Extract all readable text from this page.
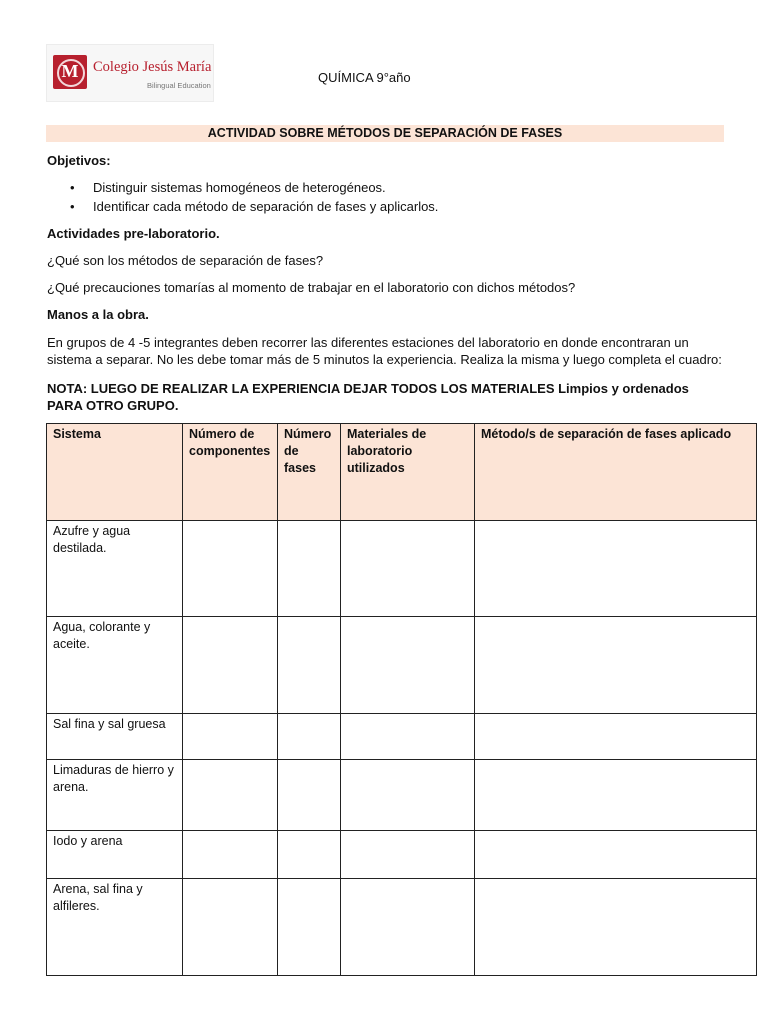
M	Colegio Jesús María
Bilingual Education
QUÍMICA 9°año
ACTIVIDAD SOBRE MÉTODOS DE SEPARACIÓN DE FASES
Objetivos:
• Distinguir sistemas homogéneos de heterogéneos.
• Identificar cada método de separación de fases y aplicarlos.
Actividades pre-laboratorio.
¿Qué son los métodos de separación de fases?
¿Qué precauciones tomarías al momento de trabajar en el laboratorio con dichos métodos?
Manos a la obra.
En grupos de 4 -5 integrantes deben recorrer las diferentes estaciones del laboratorio en donde encontraran un sistema a separar. No les debe tomar más de 5 minutos la experiencia. Realiza la misma y luego completa el cuadro:
NOTA: LUEGO DE REALIZAR LA EXPERIENCIA DEJAR TODOS LOS MATERIALES Limpios y ordenados PARA OTRO GRUPO.
Sistema	Número de componentes	Número de fases	Materiales de laboratorio utilizados	Método/s de separación de fases aplicado
Azufre y agua destilada.				
Agua, colorante y aceite.				
Sal fina y sal gruesa				
Limaduras de hierro y arena.				
Iodo y arena				
Arena, sal fina y alfileres.				
